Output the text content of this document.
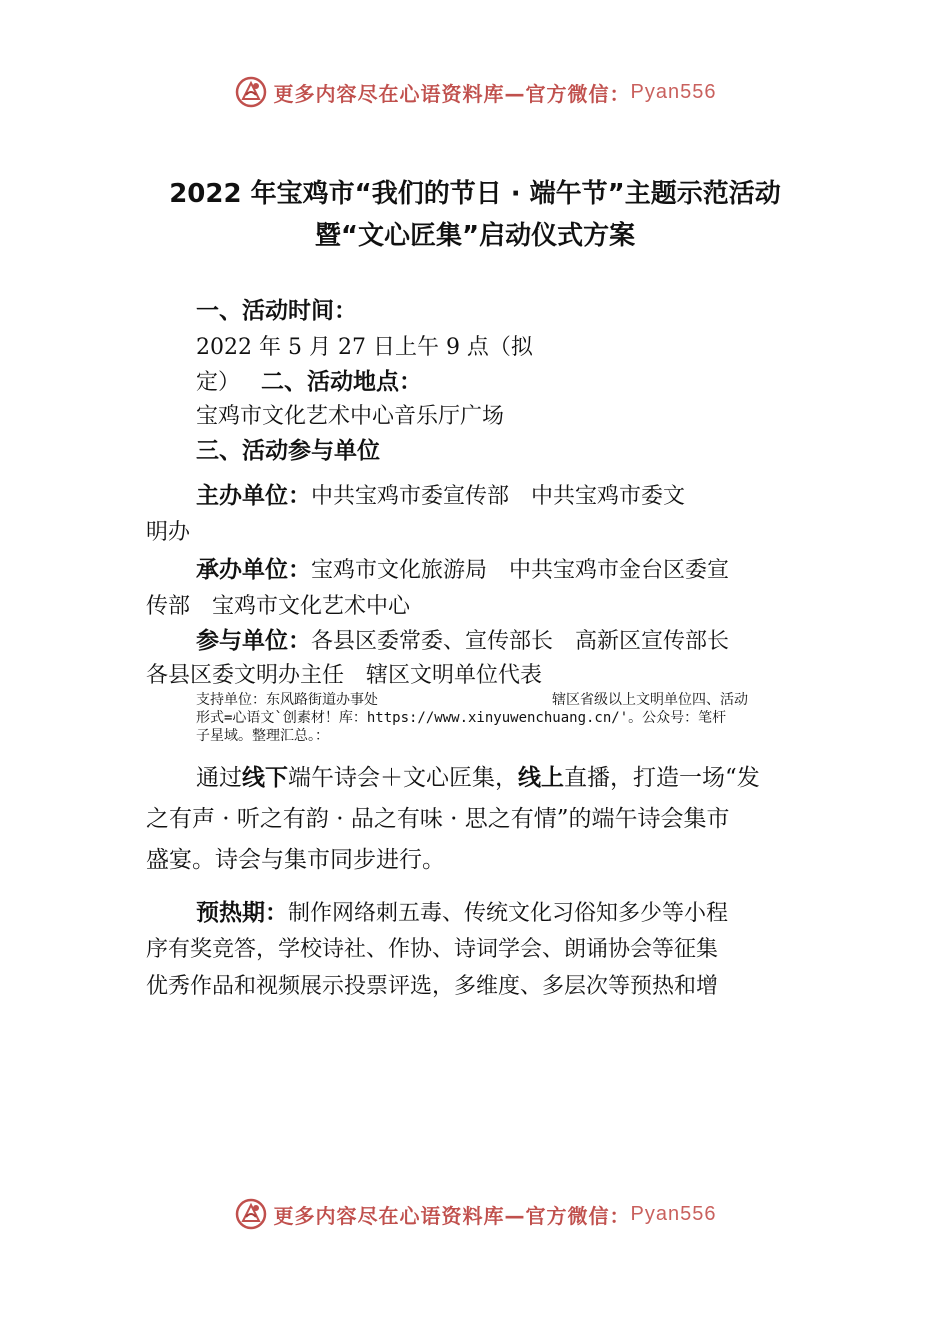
更多内容尽在心语资料库—官方微信： Pyan556
2022 年宝鸡市“我们的节日 · 端午节”主题示范活动
暨“文心匠集”启动仪式方案
一、活动时间：
2022 年 5 月 27 日上午 9 点（拟
定） 二、活动地点：
宝鸡市文化艺术中心音乐厅广场
三、活动参与单位
主办单位：中共宝鸡市委宣传部　中共宝鸡市委文
明办
承办单位：宝鸡市文化旅游局　中共宝鸡市金台区委宣
传部　宝鸡市文化艺术中心
参与单位：各县区委常委、宣传部长　高新区宣传部长
各县区委文明办主任　辖区文明单位代表
支持单位：东风路街道办事处	辖区省级以上文明单位四、活动
形式=心语文`创素材！库：https://www.xinyuwenchuang.cn/'。公众号：笔杆
子星域。整理汇总。：
通过线下端午诗会＋文心匠集，线上直播，打造一场“发
之有声 · 听之有韵 · 品之有味 · 思之有情”的端午诗会集市
盛宴。诗会与集市同步进行。
预热期：制作网络刺五毒、传统文化习俗知多少等小程
序有奖竞答，学校诗社、作协、诗词学会、朗诵协会等征集
优秀作品和视频展示投票评选，多维度、多层次等预热和增
更多内容尽在心语资料库—官方微信： Pyan556
